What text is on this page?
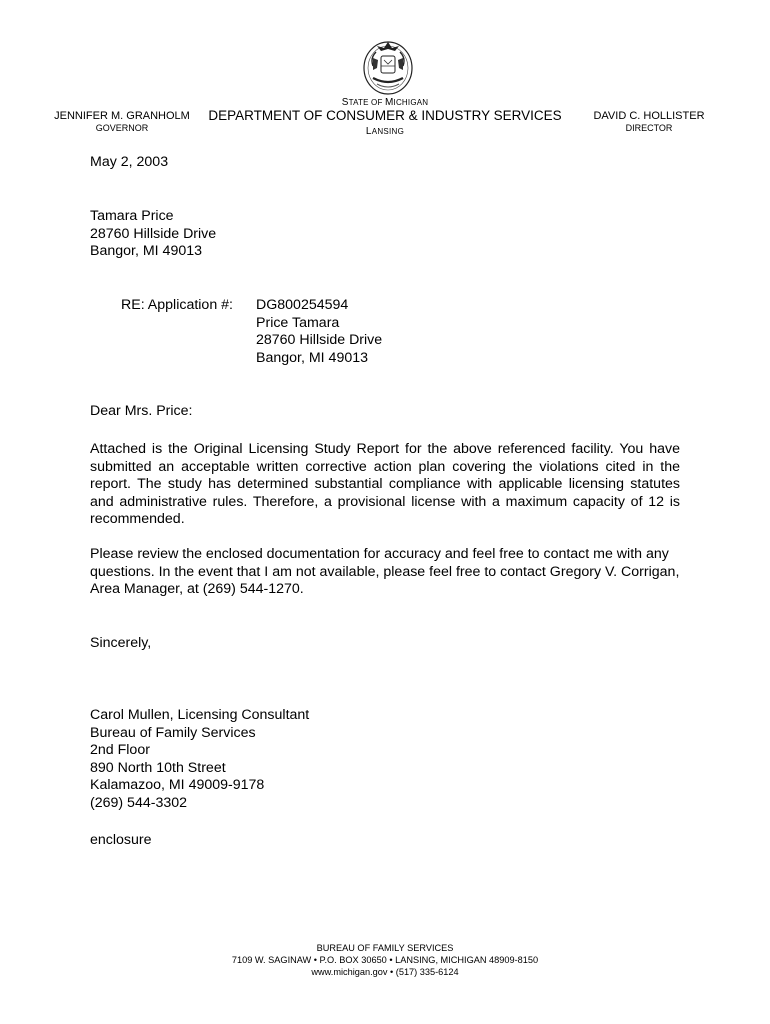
STATE OF MICHIGAN
JENNIFER M. GRANHOLM
GOVERNOR
DEPARTMENT OF CONSUMER & INDUSTRY SERVICES
LANSING
DAVID C. HOLLISTER
DIRECTOR
May 2, 2003
Tamara Price
28760 Hillside Drive
Bangor, MI 49013
RE: Application #: DG800254594
Price Tamara
28760 Hillside Drive
Bangor, MI 49013
Dear Mrs. Price:
Attached is the Original Licensing Study Report for the above referenced facility. You have submitted an acceptable written corrective action plan covering the violations cited in the report. The study has determined substantial compliance with applicable licensing statutes and administrative rules. Therefore, a provisional license with a maximum capacity of 12 is recommended.
Please review the enclosed documentation for accuracy and feel free to contact me with any questions. In the event that I am not available, please feel free to contact Gregory V. Corrigan, Area Manager, at (269) 544-1270.
Sincerely,
Carol Mullen, Licensing Consultant
Bureau of Family Services
2nd Floor
890 North 10th Street
Kalamazoo, MI 49009-9178
(269) 544-3302
enclosure
BUREAU OF FAMILY SERVICES
7109 W. SAGINAW • P.O. BOX 30650 • LANSING, MICHIGAN 48909-8150
www.michigan.gov • (517) 335-6124
